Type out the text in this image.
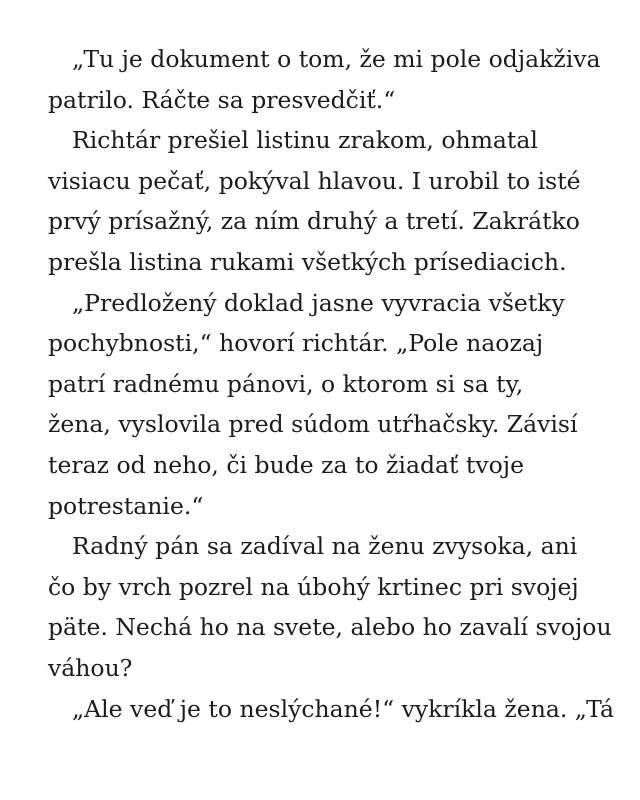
„Tu je dokument o tom, že mi pole odjakživa
patrilo. Ráčte sa presvedčiť.“

Richtár prešiel listinu zrakom, ohmatal
visiacu pečať, pokýval hlavou. I urobil to isté
prvý prísažný, za ním druhý a tretí. Zakrátko
prešla listina rukami všetkých prísediacich.

„Predložený doklad jasne vyvracia všetky
pochybnosti,“ hovorí richtár. „Pole naozaj
patrí radnému pánovi, o ktorom si sa ty,
žena, vyslovila pred súdom utŕhačsky. Závisí
teraz od neho, či bude za to žiadať tvoje
potrestanie.“

Radný pán sa zadíval na ženu zvysoka, ani
čo by vrch pozrel na úbohý krtinec pri svojej
päte. Nechá ho na svete, alebo ho zavalí svojou
váhou?

„Ale veď je to neslýchané!“ vykríkla žena. „Tá
